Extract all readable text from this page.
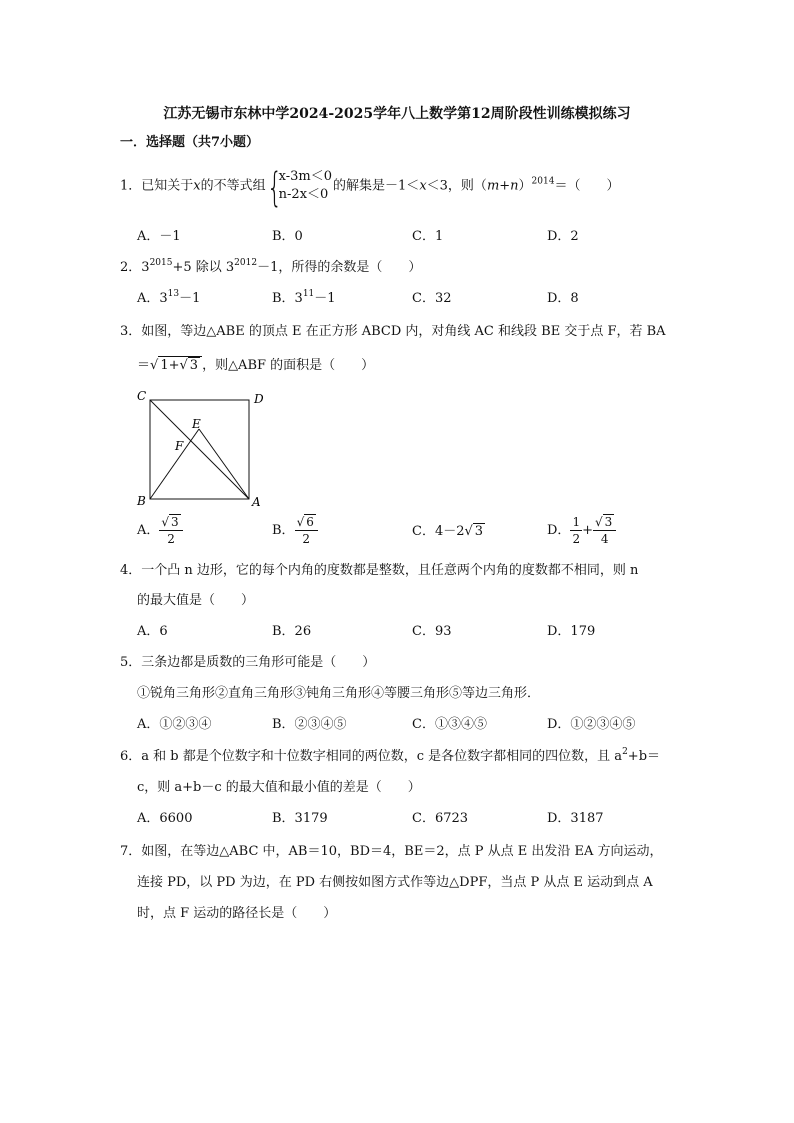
江苏无锡市东林中学2024-2025学年八上数学第12周阶段性训练模拟练习
一．选择题（共7小题）
1．已知关于x的不等式组 {
x-3m＜0
n-2x＜0
的解集是－1＜x＜3，则$(m+n)^{2014}=$（　　）
A．－1	B．0	C．1	D．2
2．$3^{2015}+5$ 除以 $3^{2012}-1$，所得的余数是（　　）
A．$3^{13}-1$	B．$3^{11}-1$	C．32	D．8
3．如图，等边△ABE 的顶点 E 在正方形 ABCD 内，对角线 AC 和线段 BE 交于点 F，若 BA
＝√ 1+√ 3 ，则△ABF 的面积是（　　）
C	D
E
F
B	A
A． $\frac{√ 3}{2}$	B． $\frac{√ 6}{2}$	C．4－2√ 3	D． $\frac{1}{2} + \frac{√ 3}{4}$
4．一个凸 n 边形，它的每个内角的度数都是整数，且任意两个内角的度数都不相同，则 n
的最大值是（　　）
A．6	B．26	C．93	D．179
5．三条边都是质数的三角形可能是（　　）
①锐角三角形②直角三角形③钝角三角形④等腰三角形⑤等边三角形．
A．①②③④	B．②③④⑤	C．①③④⑤	D．①②③④⑤
6．a 和 b 都是个位数字和十位数字相同的两位数，c 是各位数字都相同的四位数，且 $a^2+b=$
c，则 a+b－c 的最大值和最小值的差是（　　）
A．6600	B．3179	C．6723	D．3187
7．如图，在等边△ABC 中，AB＝10，BD＝4，BE＝2，点 P 从点 E 出发沿 EA 方向运动，
连接 PD，以 PD 为边，在 PD 右侧按如图方式作等边△DPF，当点 P 从点 E 运动到点 A
时，点 F 运动的路径长是（　　）
